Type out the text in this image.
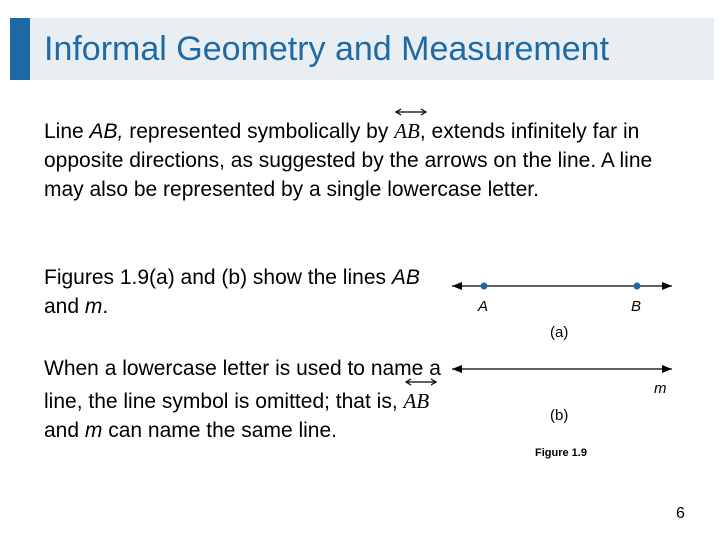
Informal Geometry and Measurement
Line AB, represented symbolically by
AB, extends infinitely far in opposite directions, as suggested by the arrows on the line. A line may also be represented by a single lowercase letter.
Figures 1.9(a) and (b) show the lines AB and m.
When a lowercase letter is used to name a line, the line symbol is omitted; that is,
AB and m can name the same line.
A	B
(a)
m
(b)
Figure 1.9
6
